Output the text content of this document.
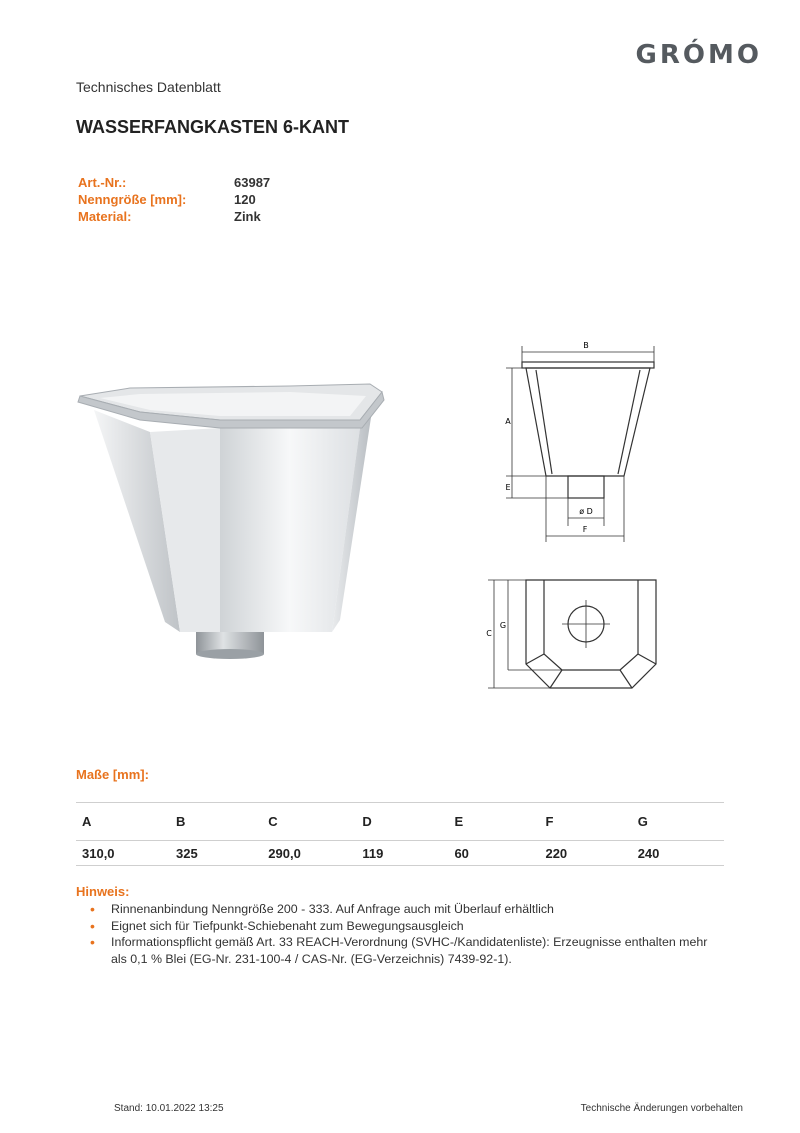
GRÓMO
Technisches Datenblatt
WASSERFANGKASTEN 6-KANT
Art.-Nr.:	63987
Nenngröße [mm]:	120
Material:	Zink
B
A
E
ø D
F
C
G
Maße [mm]:
A	B	C	D	E	F	G
310,0	325	290,0	119	60	220	240
Hinweis:
• Rinnenanbindung Nenngröße 200 - 333. Auf Anfrage auch mit Überlauf erhältlich
• Eignet sich für Tiefpunkt-Schiebenaht zum Bewegungsausgleich
• Informationspflicht gemäß Art. 33 REACH-Verordnung (SVHC-/Kandidatenliste): Erzeugnisse enthalten mehr als 0,1 % Blei (EG-Nr. 231-100-4 / CAS-Nr. (EG-Verzeichnis) 7439-92-1).
Stand: 10.01.2022 13:25	Technische Änderungen vorbehalten
